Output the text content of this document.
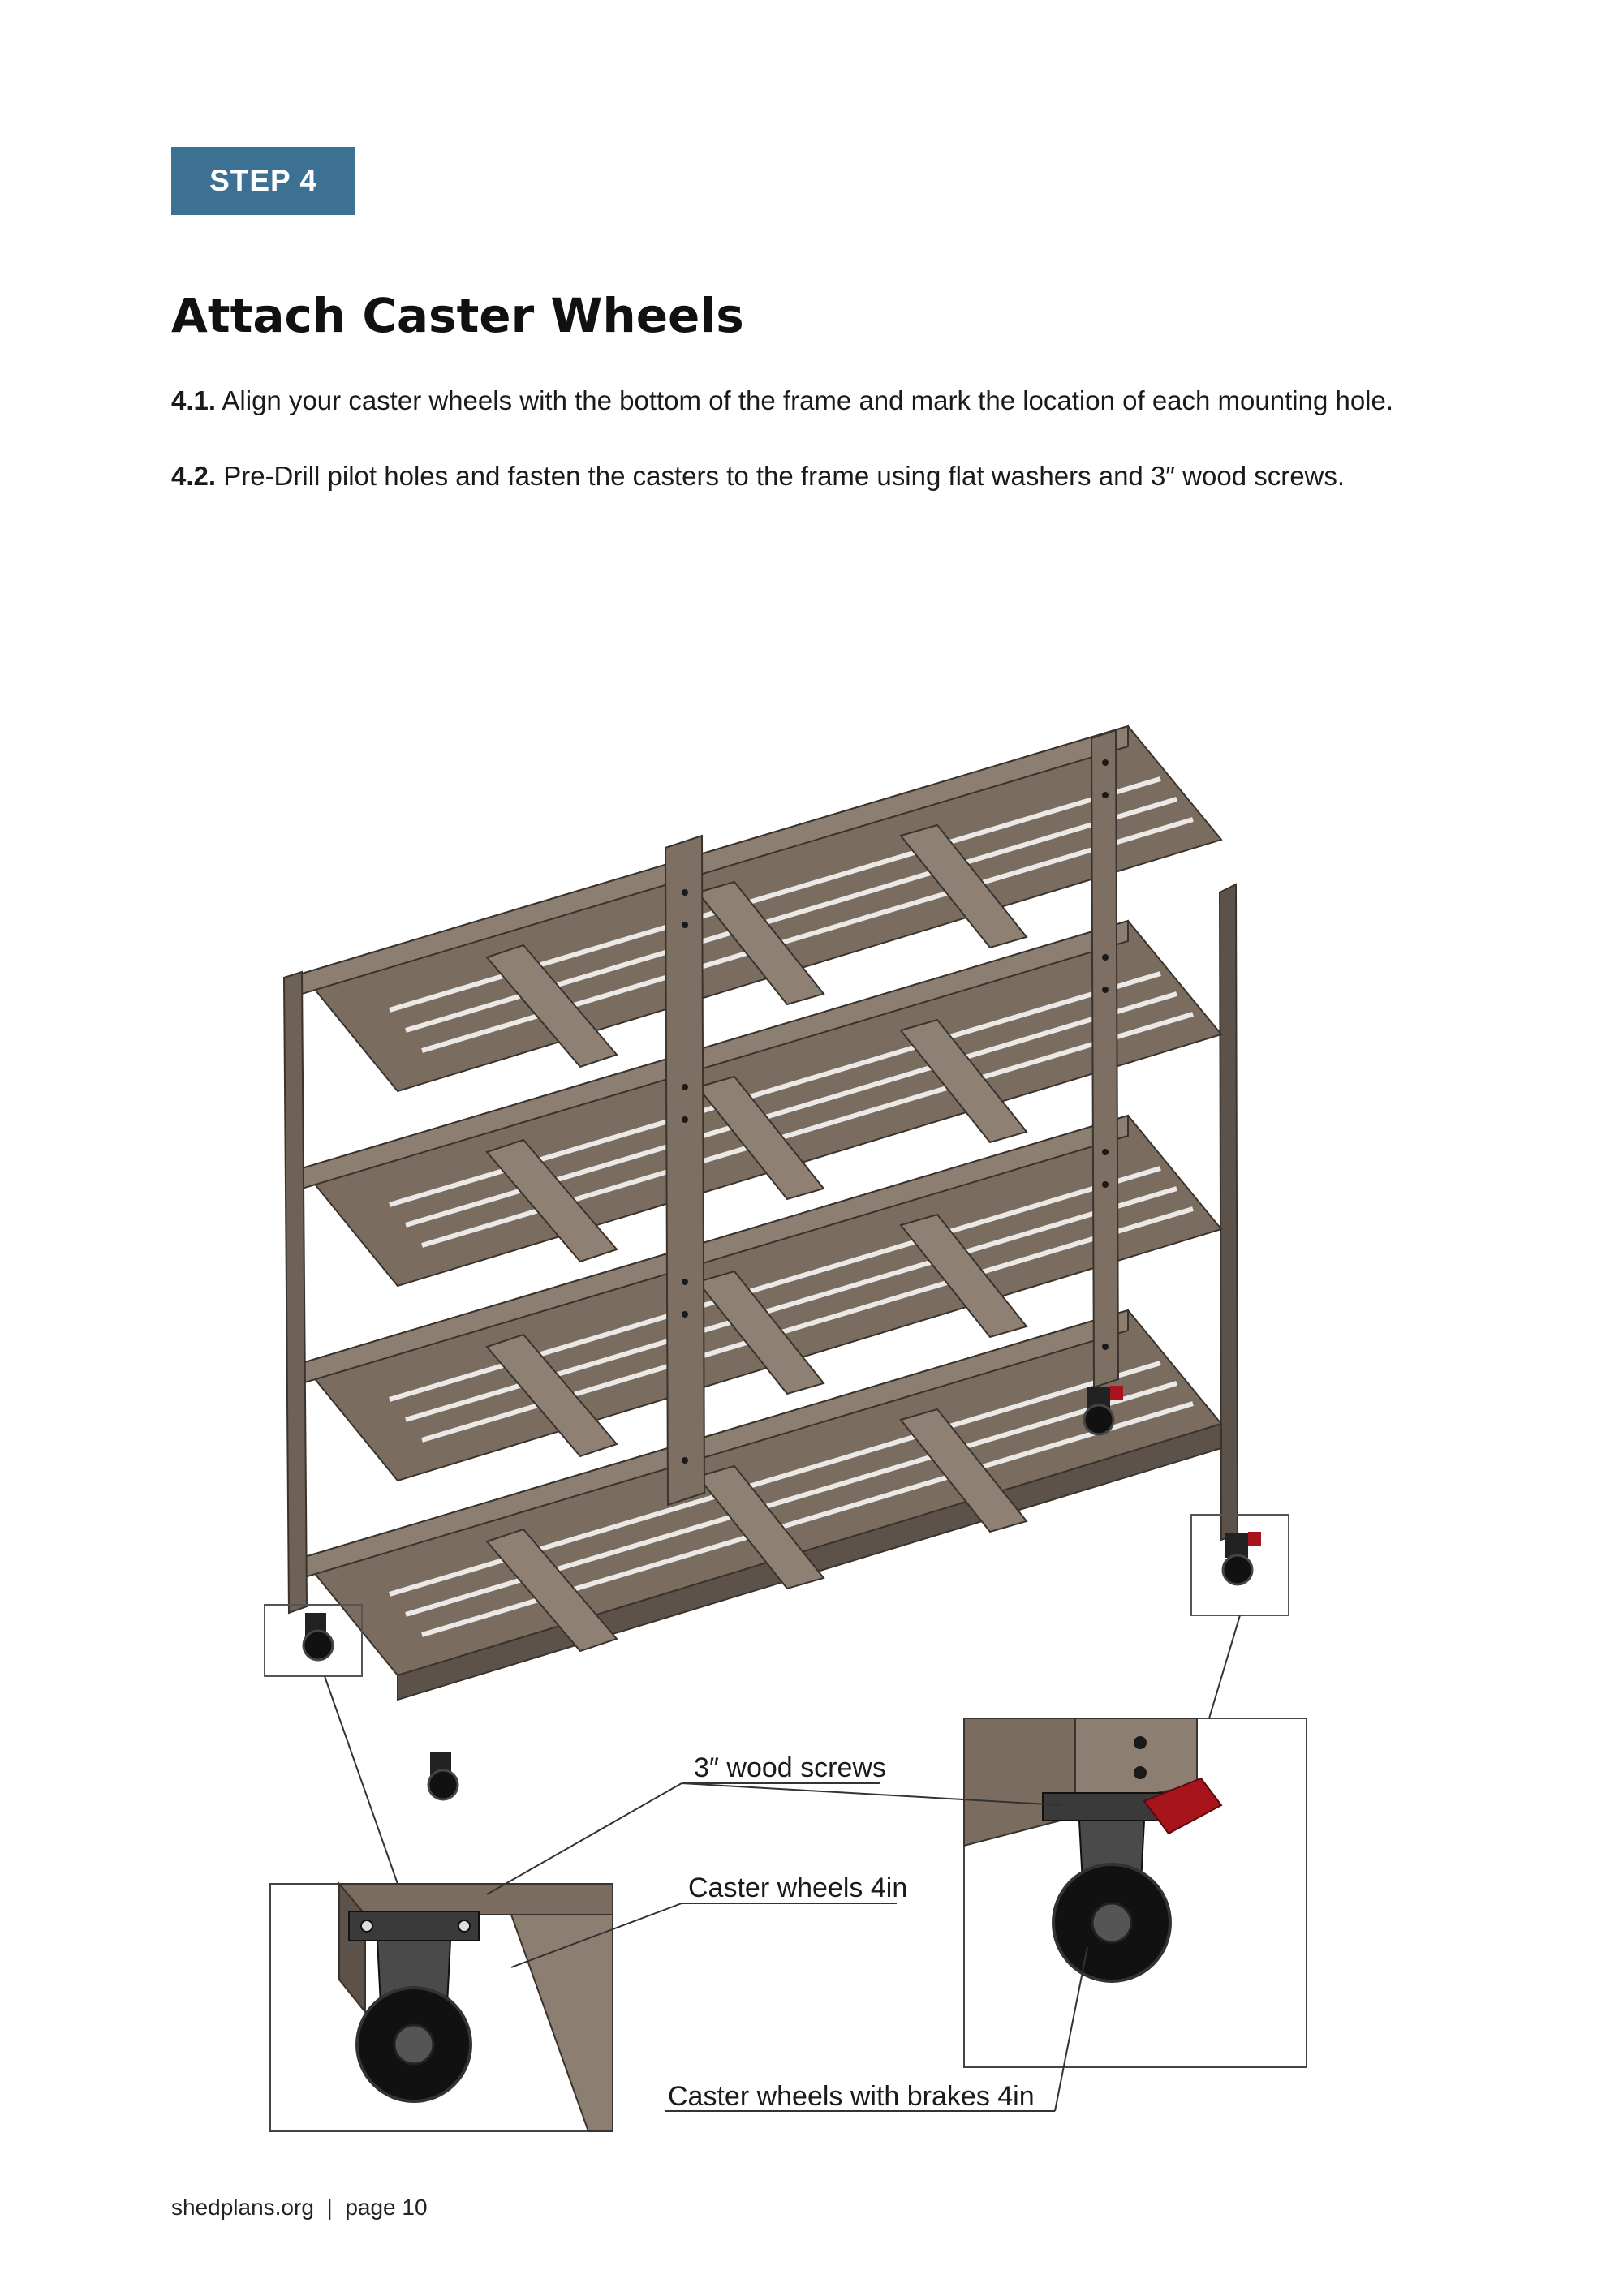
STEP 4
Attach Caster Wheels

4.1. Align your caster wheels with the bottom of the frame and mark the location of each mounting hole.

4.2. Pre-Drill pilot holes and fasten the casters to the frame using flat washers and 3″ wood screws.

3″ wood screws
Caster wheels 4in
Caster wheels with brakes 4in
shedplans.org | page 10
